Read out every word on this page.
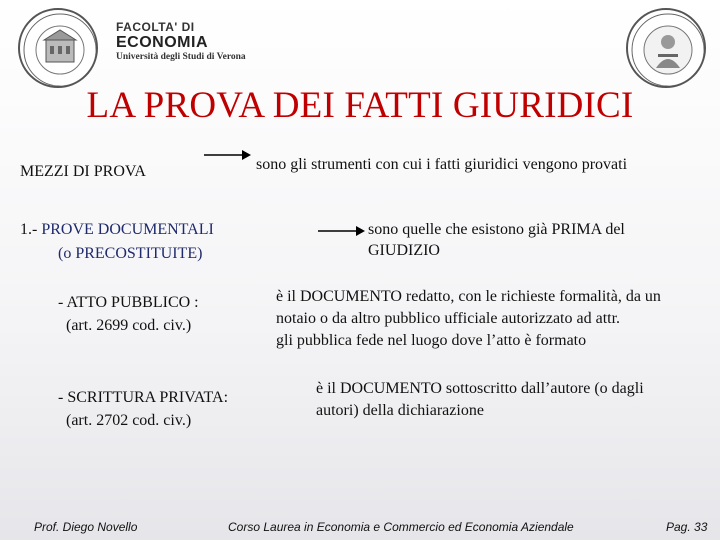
FACOLTA' DI
ECONOMIA
Università degli Studi di Verona
LA PROVA DEI FATTI GIURIDICI
MEZZI DI PROVA	sono gli strumenti con cui i fatti giuridici vengono provati
1.- PROVE DOCUMENTALI
(o PRECOSTITUITE)
sono quelle che esistono già PRIMA del
GIUDIZIO
- ATTO PUBBLICO :
(art. 2699 cod. civ.)
è il DOCUMENTO redatto, con le richieste formalità, da un
notaio o da altro pubblico ufficiale autorizzato ad attr.
gli pubblica fede nel luogo dove l’atto è formato
- SCRITTURA PRIVATA:
(art. 2702 cod. civ.)
è il DOCUMENTO sottoscritto dall’autore (o dagli
autori) della dichiarazione
Prof. Diego Novello	Corso Laurea in Economia e Commercio ed Economia Aziendale	Pag. 33
